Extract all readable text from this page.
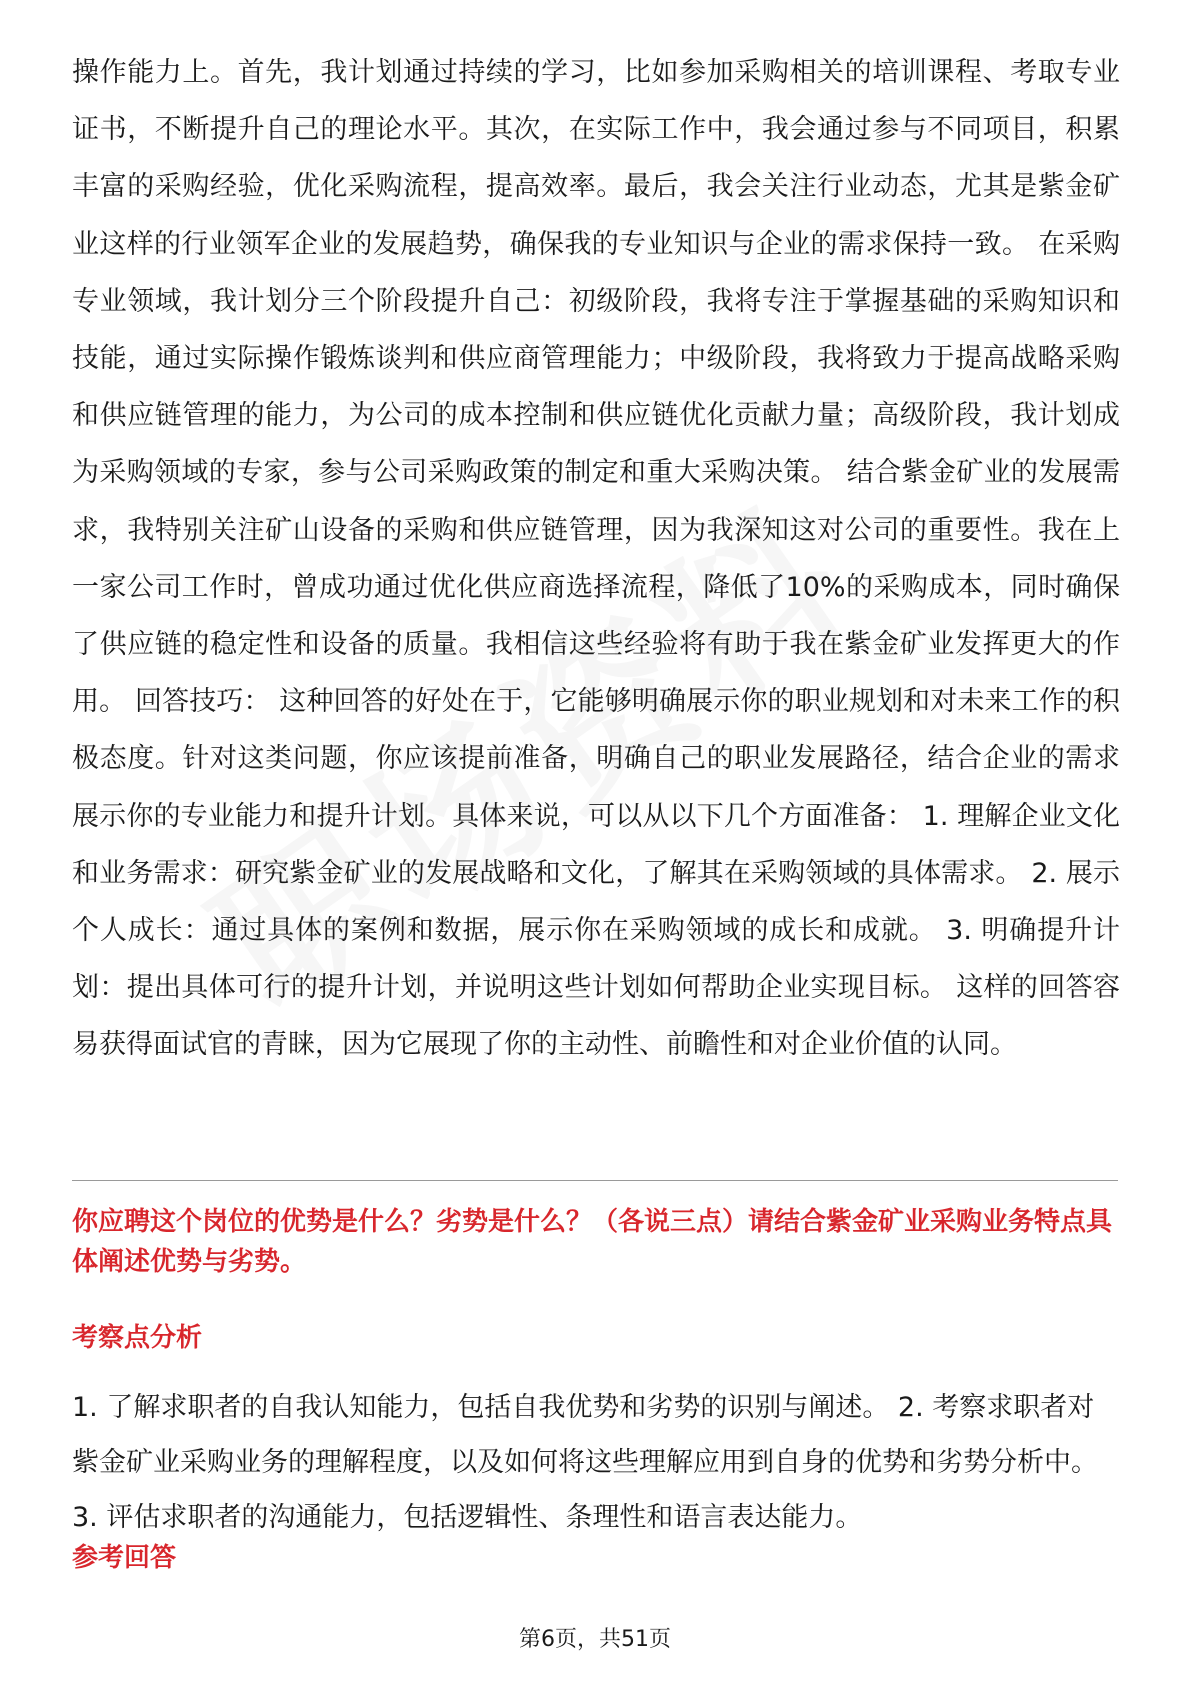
操作能力上。首先，我计划通过持续的学习，比如参加采购相关的培训课程、考取专业证书，不断提升自己的理论水平。其次，在实际工作中，我会通过参与不同项目，积累丰富的采购经验，优化采购流程，提高效率。最后，我会关注行业动态，尤其是紫金矿业这样的行业领军企业的发展趋势，确保我的专业知识与企业的需求保持一致。 在采购专业领域，我计划分三个阶段提升自己：初级阶段，我将专注于掌握基础的采购知识和技能，通过实际操作锻炼谈判和供应商管理能力；中级阶段，我将致力于提高战略采购和供应链管理的能力，为公司的成本控制和供应链优化贡献力量；高级阶段，我计划成为采购领域的专家，参与公司采购政策的制定和重大采购决策。 结合紫金矿业的发展需求，我特别关注矿山设备的采购和供应链管理，因为我深知这对公司的重要性。我在上一家公司工作时，曾成功通过优化供应商选择流程，降低了10%的采购成本，同时确保了供应链的稳定性和设备的质量。我相信这些经验将有助于我在紫金矿业发挥更大的作用。 回答技巧： 这种回答的好处在于，它能够明确展示你的职业规划和对未来工作的积极态度。针对这类问题，你应该提前准备，明确自己的职业发展路径，结合企业的需求展示你的专业能力和提升计划。具体来说，可以从以下几个方面准备： 1. 理解企业文化和业务需求：研究紫金矿业的发展战略和文化，了解其在采购领域的具体需求。 2. 展示个人成长：通过具体的案例和数据，展示你在采购领域的成长和成就。 3. 明确提升计划：提出具体可行的提升计划，并说明这些计划如何帮助企业实现目标。 这样的回答容易获得面试官的青睐，因为它展现了你的主动性、前瞻性和对企业价值的认同。

你应聘这个岗位的优势是什么？劣势是什么？（各说三点）请结合紫金矿业采购业务特点具体阐述优势与劣势。

考察点分析

1. 了解求职者的自我认知能力，包括自我优势和劣势的识别与阐述。 2. 考察求职者对紫金矿业采购业务的理解程度，以及如何将这些理解应用到自身的优势和劣势分析中。 3. 评估求职者的沟通能力，包括逻辑性、条理性和语言表达能力。

参考回答

第6页，共51页
